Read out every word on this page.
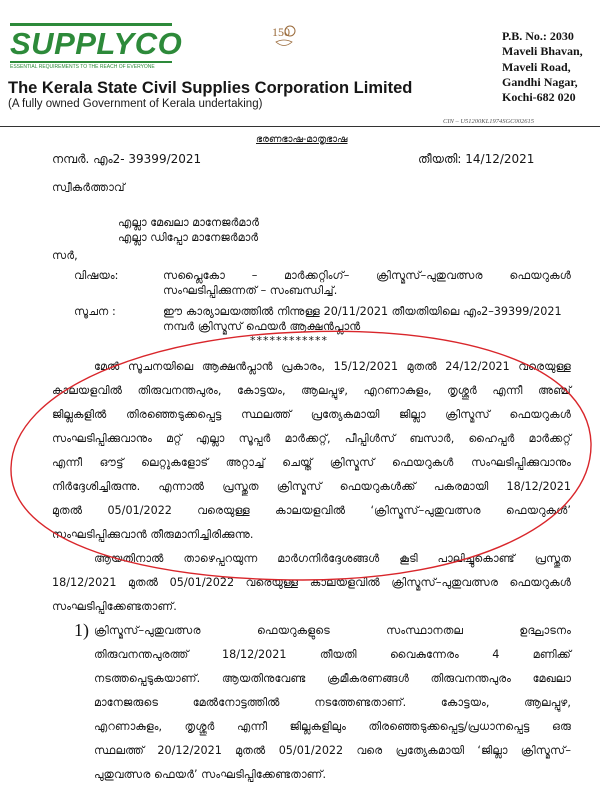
SUPPLYCO
ESSENTIAL REQUIREMENTS TO THE REACH OF EVERYONE
150	P.B. No.: 2030
Maveli Bhavan,
Maveli Road,
Gandhi Nagar,
Kochi-682 020
The Kerala State Civil Supplies Corporation Limited
(A fully owned Government of Kerala undertaking)
CIN – U51200KL1974SGC002615
ഭരണഭാഷ-മാതൃഭാഷ
നമ്പർ. എം2- 39399/2021	തീയതി: 14/12/2021
സ്വീകർത്താവ്
എല്ലാ മേഖലാ മാനേജർമാർ
എല്ലാ ഡിപ്പോ മാനേജർമാർ
സർ,
വിഷയം:	സപ്ലൈകോ – മാർക്കറ്റിംഗ്– ക്രിസ്മസ്–പുതുവത്സര ഫെയറുകൾ
സംഘടിപ്പിക്കുന്നത് – സംബന്ധിച്ച്.
സൂചന :	ഈ കാര്യാലയത്തിൽ നിന്നുള്ള 20/11/2021 തീയതിയിലെ എം2–39399/2021
നമ്പർ ക്രിസ്മസ് ഫെയർ ആക്ഷൻപ്ലാൻ
************
മേൽ സൂചനയിലെ ആക്ഷൻപ്ലാൻ പ്രകാരം, 15/12/2021 മുതൽ 24/12/2021 വരെയുള്ള
കാലയളവിൽ തിരുവനന്തപുരം, കോട്ടയം, ആലപ്പുഴ, എറണാകുളം, തൃശ്ശൂർ എന്നീ അഞ്ച്
ജില്ലകളിൽ തിരഞ്ഞെടുക്കപ്പെട്ട സ്ഥലത്ത് പ്രത്യേകമായി ജില്ലാ ക്രിസ്മസ് ഫെയറുകൾ
സംഘടിപ്പിക്കുവാനും മറ്റ് എല്ലാ സൂപ്പർ മാർക്കറ്റ്, പീപ്പിൾസ് ബസാർ, ഹൈപ്പർ മാർക്കറ്റ്
എന്നീ ഔട്ട് ലെറ്റുകളോട് അറ്റാച്ച് ചെയ്ത് ക്രിസ്മസ് ഫെയറുകൾ സംഘടിപ്പിക്കുവാനും
നിർദ്ദേശിച്ചിരുന്നു. എന്നാൽ പ്രസ്തുത ക്രിസ്മസ് ഫെയറുകൾക്ക് പകരമായി 18/12/2021
മുതൽ 05/01/2022 വരെയുള്ള കാലയളവിൽ ‘ക്രിസ്മസ്–പുതുവത്സര ഫെയറുകൾ’
സംഘടിപ്പിക്കുവാൻ തീരുമാനിച്ചിരിക്കുന്നു.
ആയതിനാൽ താഴെപ്പറയുന്ന മാർഗനിർദ്ദേശങ്ങൾ കൂടി പാലിച്ചുകൊണ്ട് പ്രസ്തുത
18/12/2021 മുതൽ 05/01/2022 വരെയുള്ള കാലയളവിൽ ക്രിസ്മസ്–പുതുവത്സര ഫെയറുകൾ
സംഘടിപ്പിക്കേണ്ടതാണ്.
1) ക്രിസ്മസ്–പുതുവത്സര ഫെയറുകളുടെ സംസ്ഥാനതല ഉദ്ഘാടനം
തിരുവനന്തപുരത്ത് 18/12/2021 തീയതി വൈകുന്നേരം 4 മണിക്ക്
നടത്തപ്പെടുകയാണ്. ആയതിനുവേണ്ട ക്രമീകരണങ്ങൾ തിരുവനന്തപുരം മേഖലാ
മാനേജരുടെ മേൽനോട്ടത്തിൽ നടത്തേണ്ടതാണ്. കോട്ടയം, ആലപ്പുഴ,
എറണാകുളം, തൃശ്ശൂർ എന്നീ ജില്ലകളിലും തിരഞ്ഞെടുക്കപ്പെട്ട/പ്രധാനപ്പെട്ട ഒരു
സ്ഥലത്ത് 20/12/2021 മുതൽ 05/01/2022 വരെ പ്രത്യേകമായി ‘ജില്ലാ ക്രിസ്മസ്–
പുതുവത്സര ഫെയർ’ സംഘടിപ്പിക്കേണ്ടതാണ്.
